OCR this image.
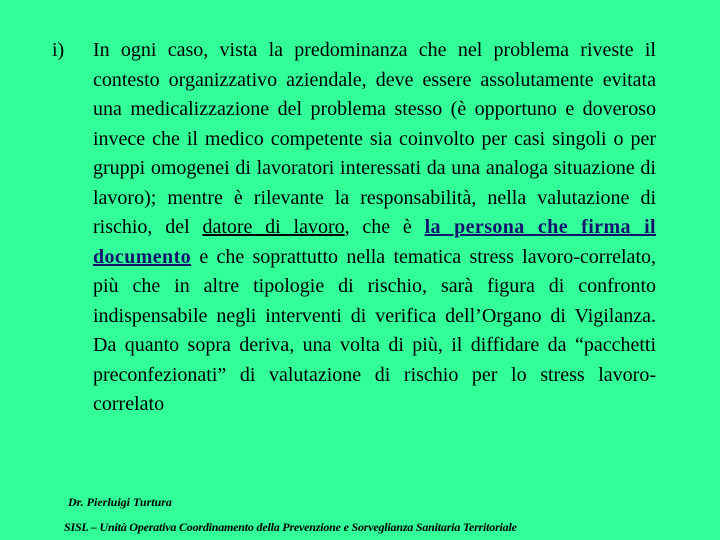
i)	In ogni caso, vista la predominanza che nel problema riveste il contesto organizzativo aziendale, deve essere assolutamente evitata una medicalizzazione del problema stesso (è opportuno e doveroso invece che il medico competente sia coinvolto per casi singoli o per gruppi omogenei di lavoratori interessati da una analoga situazione di lavoro); mentre è rilevante la responsabilità, nella valutazione di rischio, del datore di lavoro, che è la persona che firma il documento e che soprattutto nella tematica stress lavoro-correlato, più che in altre tipologie di rischio, sarà figura di confronto indispensabile negli interventi di verifica dell’Organo di Vigilanza. Da quanto sopra deriva, una volta di più, il diffidare da “pacchetti preconfezionati” di valutazione di rischio per lo stress lavoro-correlato
Dr. Pierluigi Turtura
SISL – Unità Operativa Coordinamento della Prevenzione e Sorveglianza Sanitaria Territoriale
